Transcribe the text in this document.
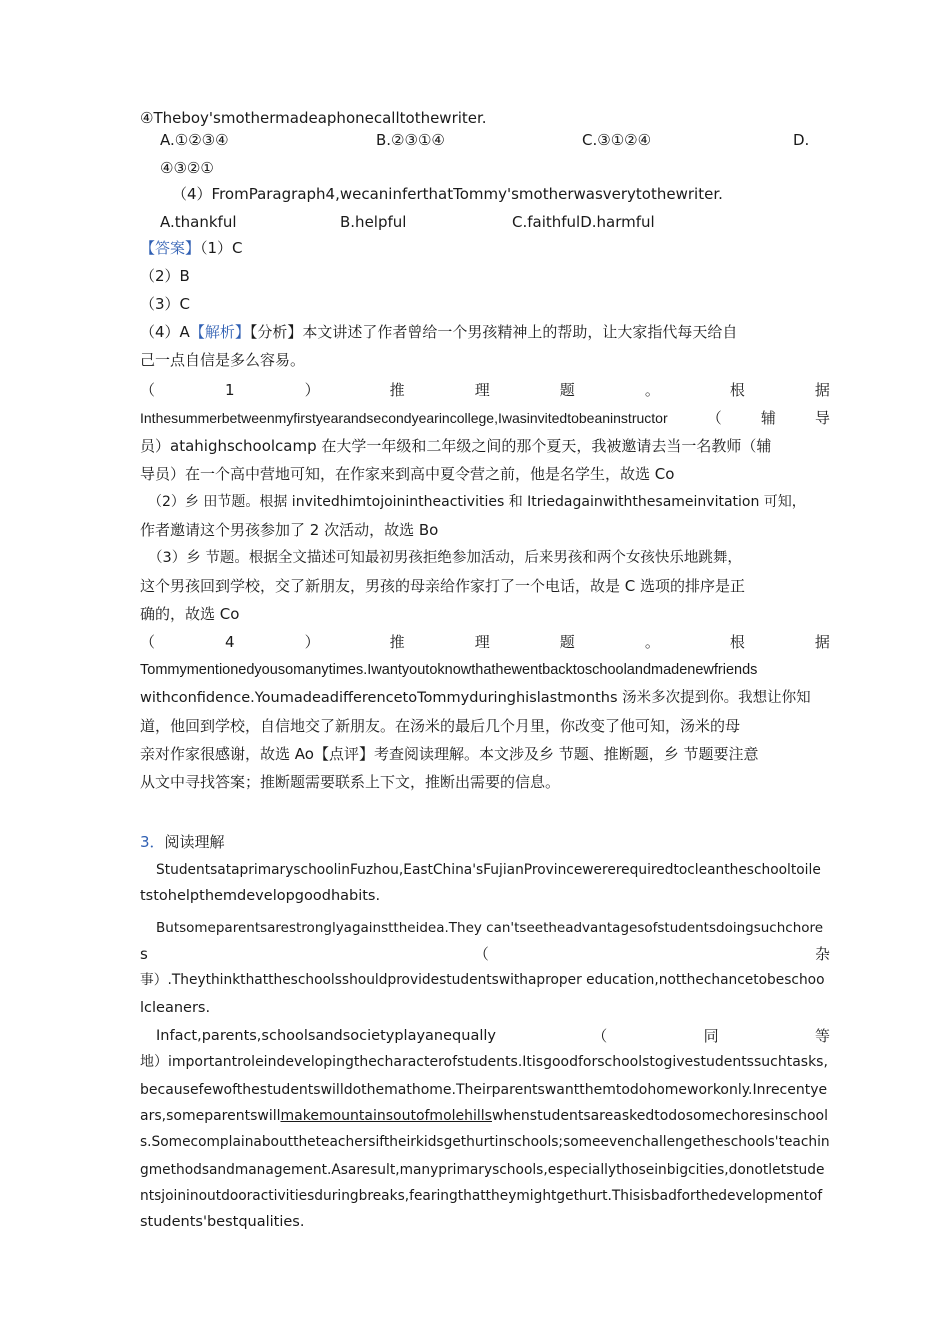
④Theboy'smothermadeaphonecalltothewriter.
A.①②③④	B.②③①④	C.③①②④	D.
④③②①
（4）FromParagraph4,wecaninferthatTommy'smotherwasverytothewriter.
A.thankful	B.helpful	C.faithfulD.harmful
【答案】（1）C
（2）B
（3）C
（4）A【解析】【分析】本文讲述了作者曾给一个男孩精神上的帮助，让大家指代每天给自
己一点自信是多么容易。
（	1	）	推	理	题	。	根	据
Inthesummerbetweenmyfirstyearandsecondyearincollege,Iwasinvitedtobeaninstructor	（	辅	导
员）atahighschoolcamp 在大学一年级和二年级之间的那个夏天，我被邀请去当一名教师（辅
导员）在一个高中营地可知，在作家来到高中夏令营之前，他是名学生，故选 Co
（2）乡 田节题。根据 invitedhimtojoinintheactivities 和 Itriedagainwiththesameinvitation 可知，
作者邀请这个男孩参加了 2 次活动，故选 Bo
（3）乡 节题。根据全文描述可知最初男孩拒绝参加活动，后来男孩和两个女孩快乐地跳舞，
这个男孩回到学校，交了新朋友，男孩的母亲给作家打了一个电话，故是 C 选项的排序是正
确的，故选 Co
（	4	）	推	理	题	。	根	据
Tommymentionedyousomanytimes.Iwantyoutoknowthathewentbacktoschoolandmadenewfriends
withconfidence.YoumadeadifferencetoTommyduringhislastmonths 汤米多次提到你。我想让你知
道，他回到学校，自信地交了新朋友。在汤米的最后几个月里，你改变了他可知，汤米的母
亲对作家很感谢，故选 Ao【点评】考查阅读理解。本文涉及乡 节题、推断题，乡 节题要注意
从文中寻找答案；推断题需要联系上下文，推断出需要的信息。
3．阅读理解
StudentsataprimaryschoolinFuzhou,EastChina'sFujianProvincewererequiredtocleantheschooltoile
tstohelpthemdevelopgoodhabits.
Butsomeparentsarestronglyagainsttheidea.They can'tseetheadvantagesofstudentsdoingsuchchore
s	（	杂
事）.Theythinkthattheschoolsshouldprovidestudentswithaproper education,notthechancetobeschoo
lcleaners.
Infact,parents,schoolsandsocietyplayanequally	（	同	等
地）importantroleindevelopingthecharacterofstudents.Itisgoodforschoolstogivestudentssuchtasks,
becausefewofthestudentswilldothemathome.Theirparentswantthemtodohomeworkonly.Inrecentye
ars,someparentswillmakemountainsoutofmolehillswhenstudentsareaskedtodosomechoresinschool
s.Somecomplainabouttheteachersiftheirkidsgethurtinschools;someevenchallengetheschools'teachin
gmethodsandmanagement.Asaresult,manyprimaryschools,especiallythoseinbigcities,donotletstude
ntsjoininoutdooractivitiesduringbreaks,fearingthattheymightgethurt.Thisisbadforthedevelopmentof
students'bestqualities.
